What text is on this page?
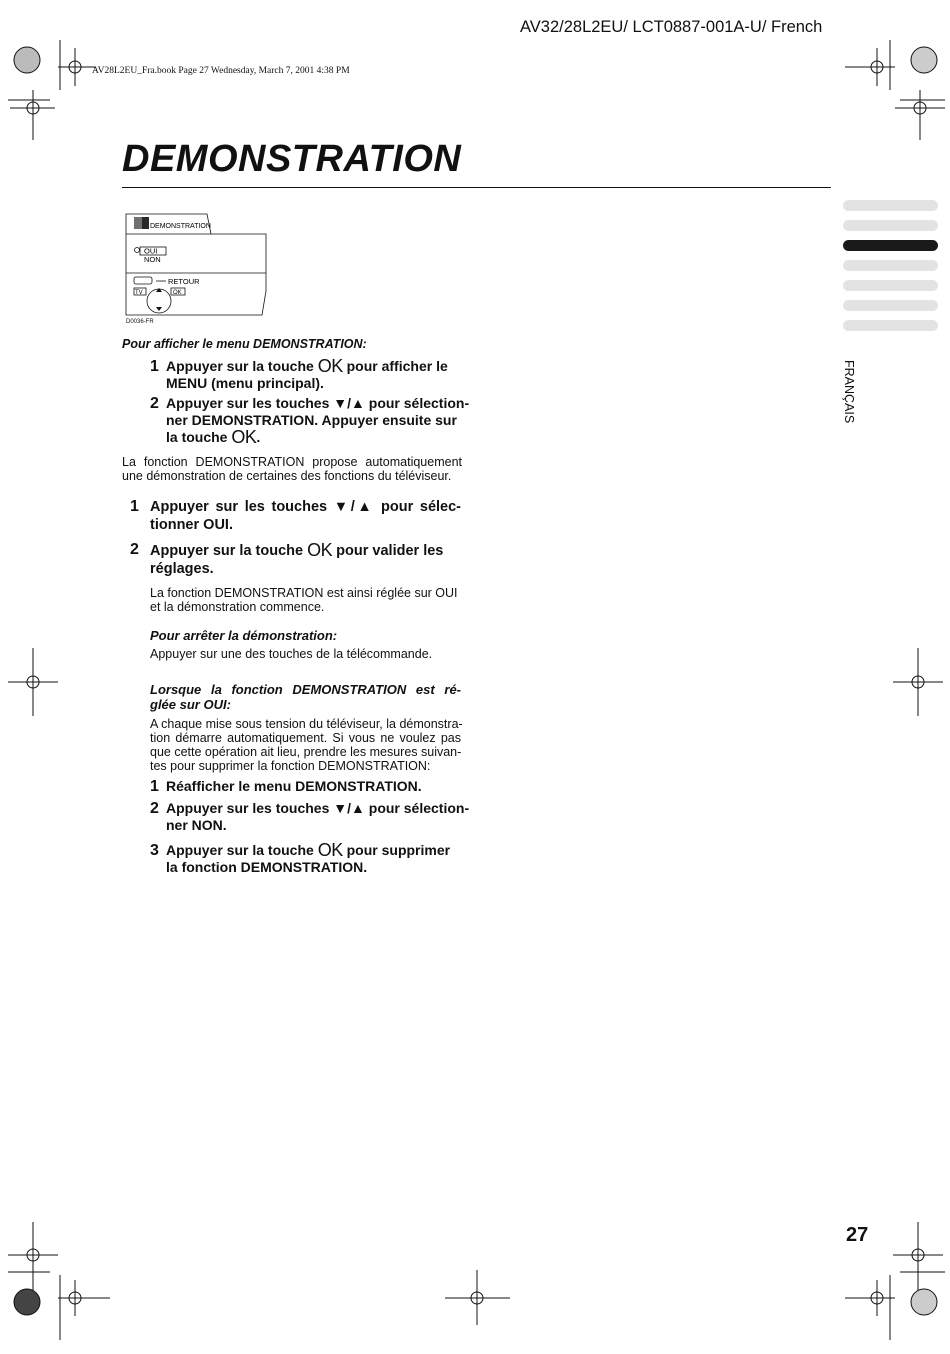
AV32/28L2EU/ LCT0887-001A-U/ French
AV28L2EU_Fra.book Page 27 Wednesday, March 7, 2001 4:38 PM
DEMONSTRATION
FRANÇAIS
DEMONSTRATION
OUI
NON
RETOUR
TV	OK
D0036-FR
Pour afficher le menu DEMONSTRATION:
1 Appuyer sur la touche OK pour afficher le
MENU (menu principal).
2 Appuyer sur les touches ▼/▲ pour sélection-
ner DEMONSTRATION. Appuyer ensuite sur
la touche OK.
La fonction DEMONSTRATION propose automatiquement
une démonstration de certaines des fonctions du téléviseur.
1 Appuyer sur les touches ▼/▲ pour sélec-
tionner OUI.
2 Appuyer sur la touche OK pour valider les
réglages.
La fonction DEMONSTRATION est ainsi réglée sur OUI
et la démonstration commence.
Pour arrêter la démonstration:
Appuyer sur une des touches de la télécommande.
Lorsque la fonction DEMONSTRATION est ré-
glée sur OUI:
A chaque mise sous tension du téléviseur, la démonstra-
tion démarre automatiquement. Si vous ne voulez pas
que cette opération ait lieu, prendre les mesures suivan-
tes pour supprimer la fonction DEMONSTRATION:
1 Réafficher le menu DEMONSTRATION.
2 Appuyer sur les touches ▼/▲ pour sélection-
ner NON.
3 Appuyer sur la touche OK pour supprimer
la fonction DEMONSTRATION.
27
